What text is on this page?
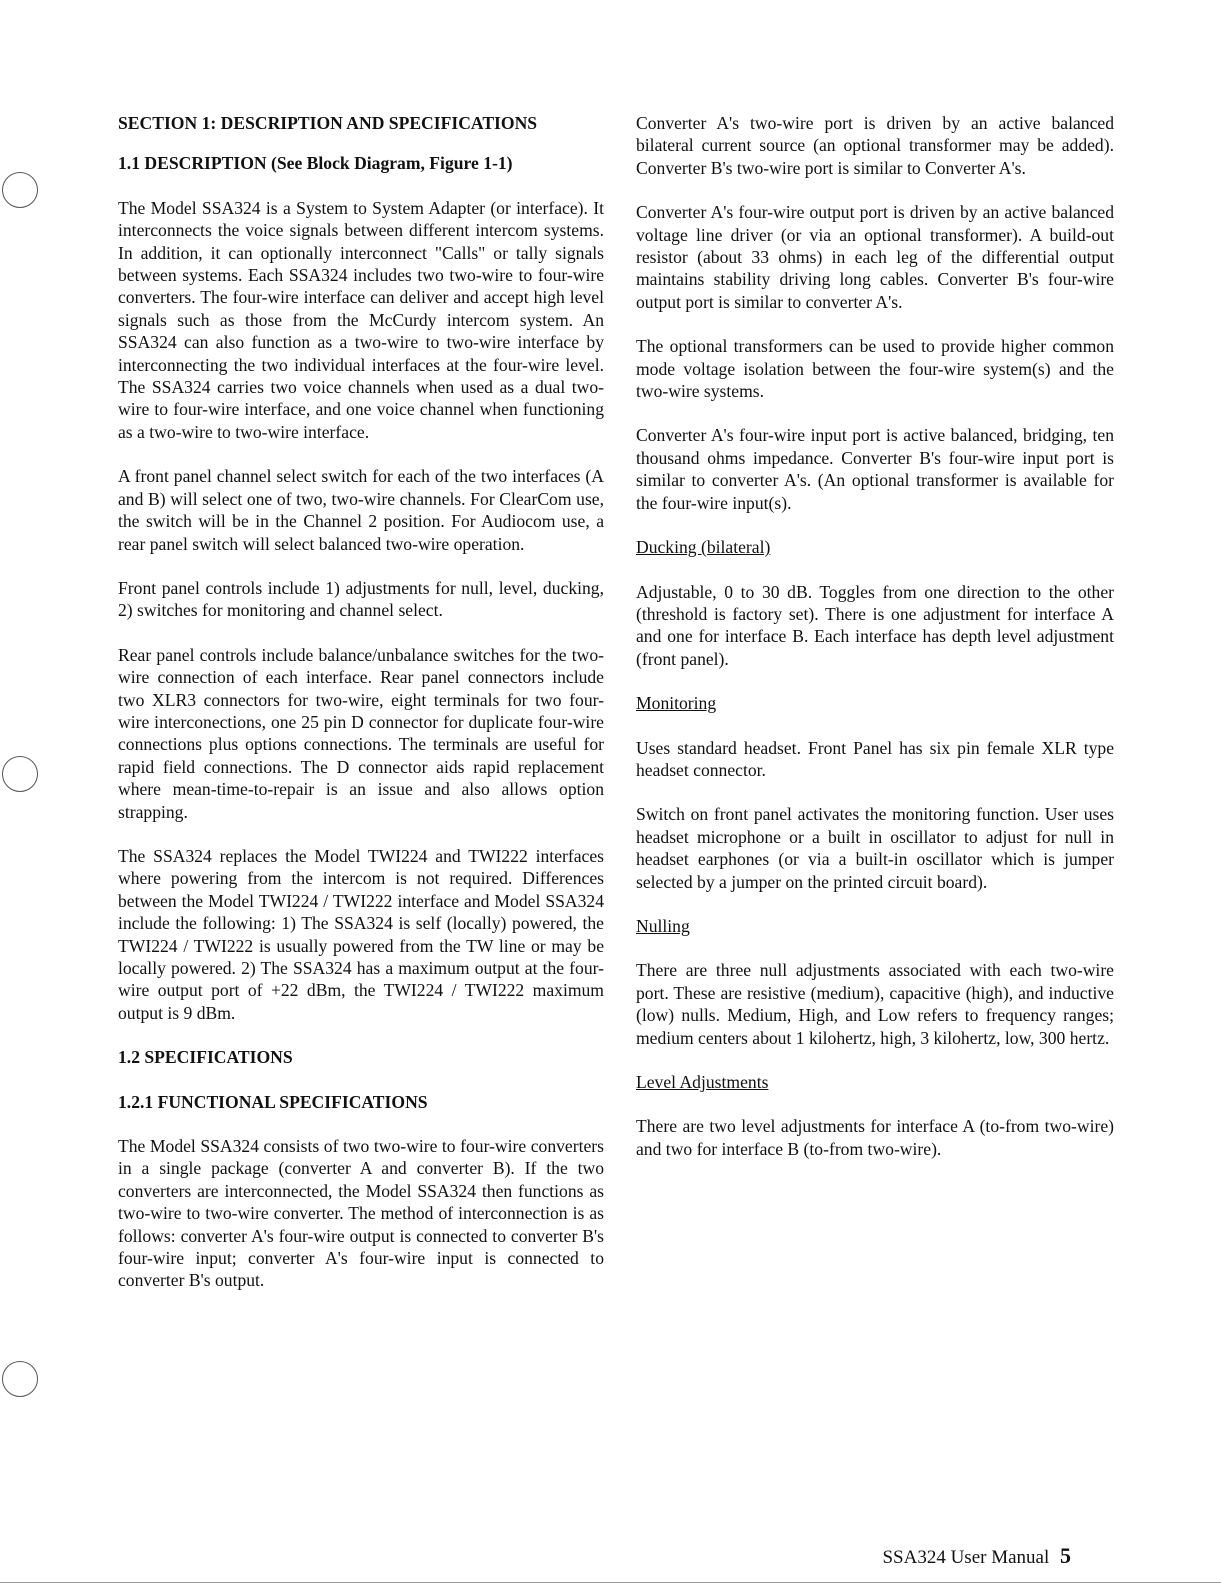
SECTION 1: DESCRIPTION AND SPECIFICATIONS
1.1 DESCRIPTION (See Block Diagram, Figure 1-1)

The Model SSA324 is a System to System Adapter (or interface). It interconnects the voice signals between different intercom systems. In addition, it can optionally interconnect "Calls" or tally signals between systems. Each SSA324 includes two two-wire to four-wire converters. The four-wire interface can deliver and accept high level signals such as those from the McCurdy intercom system. An SSA324 can also function as a two-wire to two-wire interface by interconnecting the two individual interfaces at the four-wire level. The SSA324 carries two voice channels when used as a dual two-wire to four-wire interface, and one voice channel when functioning as a two-wire to two-wire interface.

A front panel channel select switch for each of the two interfaces (A and B) will select one of two, two-wire channels. For ClearCom use, the switch will be in the Channel 2 position. For Audiocom use, a rear panel switch will select balanced two-wire operation.

Front panel controls include 1) adjustments for null, level, ducking, 2) switches for monitoring and channel select.

Rear panel controls include balance/unbalance switches for the two-wire connection of each interface. Rear panel connectors include two XLR3 connectors for two-wire, eight terminals for two four-wire interconections, one 25 pin D connector for duplicate four-wire connections plus options connections. The terminals are useful for rapid field connections. The D connector aids rapid replacement where mean-time-to-repair is an issue and also allows option strapping.

The SSA324 replaces the Model TWI224 and TWI222 interfaces where powering from the intercom is not required. Differences between the Model TWI224 / TWI222 interface and Model SSA324 include the following: 1) The SSA324 is self (locally) powered, the TWI224 / TWI222 is usually powered from the TW line or may be locally powered. 2) The SSA324 has a maximum output at the four-wire output port of +22 dBm, the TWI224 / TWI222 maximum output is 9 dBm.

1.2 SPECIFICATIONS
1.2.1 FUNCTIONAL SPECIFICATIONS

The Model SSA324 consists of two two-wire to four-wire converters in a single package (converter A and converter B). If the two converters are interconnected, the Model SSA324 then functions as two-wire to two-wire converter. The method of interconnection is as follows: converter A's four-wire output is connected to converter B's four-wire input; converter A's four-wire input is connected to converter B's output.

Converter A's two-wire port is driven by an active balanced bilateral current source (an optional transformer may be added). Converter B's two-wire port is similar to Converter A's.

Converter A's four-wire output port is driven by an active balanced voltage line driver (or via an optional transformer). A build-out resistor (about 33 ohms) in each leg of the differential output maintains stability driving long cables. Converter B's four-wire output port is similar to converter A's.

The optional transformers can be used to provide higher common mode voltage isolation between the four-wire system(s) and the two-wire systems.

Converter A's four-wire input port is active balanced, bridging, ten thousand ohms impedance. Converter B's four-wire input port is similar to converter A's. (An optional transformer is available for the four-wire input(s).

Ducking (bilateral)

Adjustable, 0 to 30 dB. Toggles from one direction to the other (threshold is factory set). There is one adjustment for interface A and one for interface B. Each interface has depth level adjustment (front panel).

Monitoring

Uses standard headset. Front Panel has six pin female XLR type headset connector.

Switch on front panel activates the monitoring function. User uses headset microphone or a built in oscillator to adjust for null in headset earphones (or via a built-in oscillator which is jumper selected by a jumper on the printed circuit board).

Nulling

There are three null adjustments associated with each two-wire port. These are resistive (medium), capacitive (high), and inductive (low) nulls. Medium, High, and Low refers to frequency ranges; medium centers about 1 kilohertz, high, 3 kilohertz, low, 300 hertz.

Level Adjustments

There are two level adjustments for interface A (to-from two-wire) and two for interface B (to-from two-wire).

SSA324 User Manual 5
